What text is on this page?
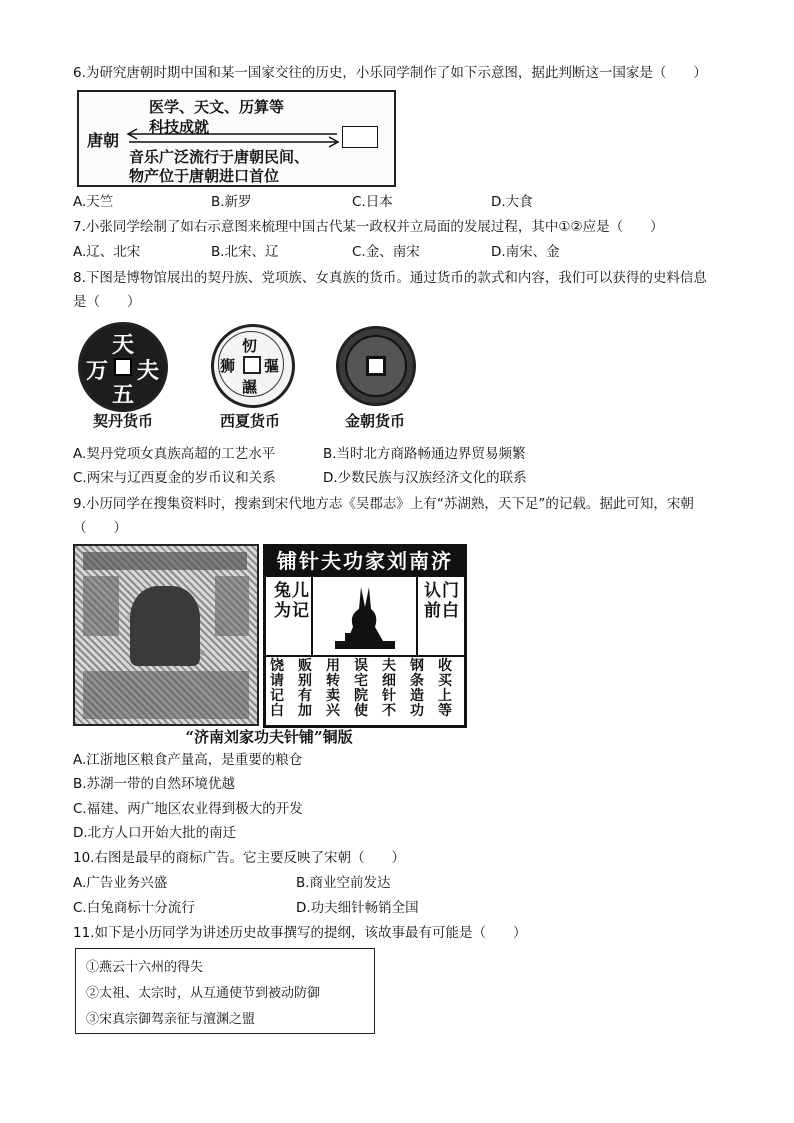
6.为研究唐朝时期中国和某一国家交往的历史，小乐同学制作了如下示意图，据此判断这一国家是（　　）
医学、天文、历算等
科技成就
唐朝
音乐广泛流行于唐朝民间、
物产位于唐朝进口首位
A.天竺	B.新罗	C.日本	D.大食
7.小张同学绘制了如右示意图来梳理中国古代某一政权并立局面的发展过程，其中①②应是（　　）
A.辽、北宋	B.北宋、辽	C.金、南宋	D.南宋、金
8.下图是博物馆展出的契丹族、党项族、女真族的货币。通过货币的款式和内容，我们可以获得的史料信息
是（　　）
天
夫
五
万
契丹货币
㣼
彄
䜙
狮
西夏货币	金朝货币
A.契丹党项女真族高超的工艺水平	B.当时北方商路畅通边界贸易频繁
C.两宋与辽西夏金的岁币议和关系	D.少数民族与汉族经济文化的联系
9.小历同学在搜集资料时，搜索到宋代地方志《吴郡志》上有“苏湖熟，天下足”的记载。据此可知，宋朝
（　　）
济南刘家功夫针铺
兔儿为记
认门前白
收买上等
钢条造功
夫细针不
误宅院使
用转卖兴
贩别有加
饶请记白
“济南刘家功夫针铺”铜版
A.江浙地区粮食产量高，是重要的粮仓
B.苏湖一带的自然环境优越
C.福建、两广地区农业得到极大的开发
D.北方人口开始大批的南迁
10.右图是最早的商标广告。它主要反映了宋朝（　　）
A.广告业务兴盛	B.商业空前发达
C.白兔商标十分流行	D.功夫细针畅销全国
11.如下是小历同学为讲述历史故事撰写的提纲，该故事最有可能是（　　）
①燕云十六州的得失
②太祖、太宗时，从互通使节到被动防御
③宋真宗御驾亲征与澶渊之盟
